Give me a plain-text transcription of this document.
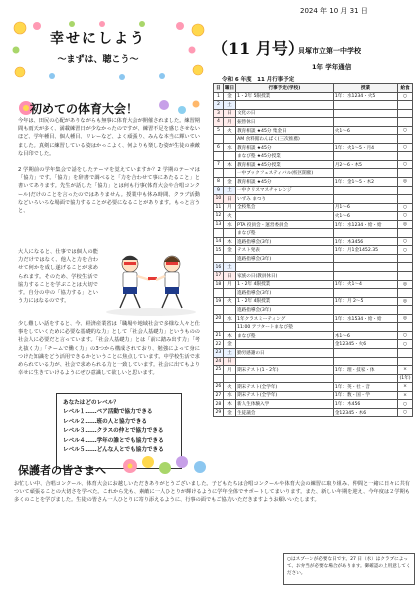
2024 年 10 月 31 日
幸せにしよう
～まずは、聴こう～
（11 月号）
貝塚市立第一中学校
1年 学年通信
令和 6 年度　11 月行事予定
初めての体育大会！
今年は、田尻の心配がありながらも無事に体育大会が開催されました。練習期間も雨天が多く、満載練習日が少なかったのですが、練習不足を感じさせないほど、学年種目、個人種目、リレーなど、よく頑張り、みんな本当に輝いていました。真剣に練習している姿はかっこよく、何よりも楽しむ姿が生徒の素敵な目印でした。
2 学期前の学年集会で話をしたテーマを覚えていますか？2 学期のテーマは「協力」です。「協力」を辞書で調べると「力を合わせて事にあたること」と書いてあります。先生が話した「協力」とは何も行事(体育大会や合唱コンクール)だけのことを言ったのではありません。授業中も休み時間、クラブ活動などいろいろな場面で協力することが必要になることがあります。もっと言うと、
大人になると、仕事では個人の能力だけではなく、他人と力を合わせて何かを成し遂げることが求められます。そのため、学校生活で協力することを学ぶことは大切です。自分の中の「協力する」という力にはなるのです。
少し難しい話をすると、今、経済産業省は「職場や地域社会で多様な人々と仕事をしていくために必要な基礎的な力」として「社会人基礎力」というものの社会人に必要だと言っています。「社会人基礎力」とは「前に踏み出す力」「考え抜く力」「チームで働く力」の3つから構成されており、勉強によって身につけた知識をどう活用できるかということに焦点しています。中学校生活で求められている力が、社会で求められる力と一致しています。社会に出てもより幸せに生きていけるようにぜひ意識して欲しいと思います。
あなたはどのレベル？
レベル１……ペア活動で協力できる
レベル２……班の人と協力できる
レベル３……クラスの仲とで協力できる
レベル４……学年の誰とでも協力できる
レベル５……どんな人とでも協力できる
保護者の皆さまへ
お忙しい中、合唱コンクール、体育大会にお越しいただきありがとうございました。子どもたちは合唱コンクールや体育大会の練習に取り組み、仲間と一緒に日々に共有ついて頑張ることの大切さを学べた。これから先も、素敵に一人ひとりが輝けるように学年全体でサポートしてまいります。また、新しい年期を迎え、今年度は２学期も多くのことを学びました。生徒の皆さん一人ひとりに寄り添えるように、行事の面でもご協力いただきますようお願いいたします。
日	曜日	行事予定(学校)	授業	給食
1	金	1・2年 5限授業	1年：水1234・火5	○
2	土			
3	日	文化の日		
4	月	振替休日		
5	火	教育相談 ★45分 集金日	火1～6	○
		AM 食料館わんぱく(三次推薦)		
6	水	教育相談 ★45分	1年：火1～5・月4	○
		まなび塾 ★45分授業		
7	木	教育相談 ★45分授業	月2～6・木5	○
		一中ブックフェスティバル(校区開催)		
8	金	教育相談 ★45分	1年：金1～5・木2	◎
9	土	一中クリスマスチャレンジ		
10	日	いずみ まつり		
11	月	全校集会	月1～6	○
12	火		火1～6	○
13	水	PTA 役員会・運営委員会	1年：水1234・給・給	◎
		まなび塾		
14	木	進路指導会(3年)	1年：木3456	○
15	金	テスト発表	1年：月1金1452.35	○
		進路指導会(3年)		
16	土			
17	日	家族の日(教員休日)		
18	月	1・2年 4限授業	1年：火1～4	◎
		進路指導会(3年)		
19	火	1・2年 4限授業	1年：月 2～5	◎
		進路指導会(3年)		
20	水	1年クラスミーティング	1年：水1534・給・給	◎
		11:00 アフタートまなび塾		
21	木	まなび塾	木1～6	○
22	金		金12345・火6	○
23	土	勤労感謝の日		
24	日			
25	月	期末テスト(1・2年)	1年：理・技家・体	×
				(1年)
26	火	期末テスト(全学年)	1年：英・社・音	×
27	水	期末テスト(全学年)	1年：数・国・学	×
28	木	新人生体験入学	1年：木456	○
29	金	生徒議会	金12345・木6	○
○はスプーンが必要な日です。27 日（水）はクラブによって、お弁当が必要な場合があります。御確認の上用意してください。
